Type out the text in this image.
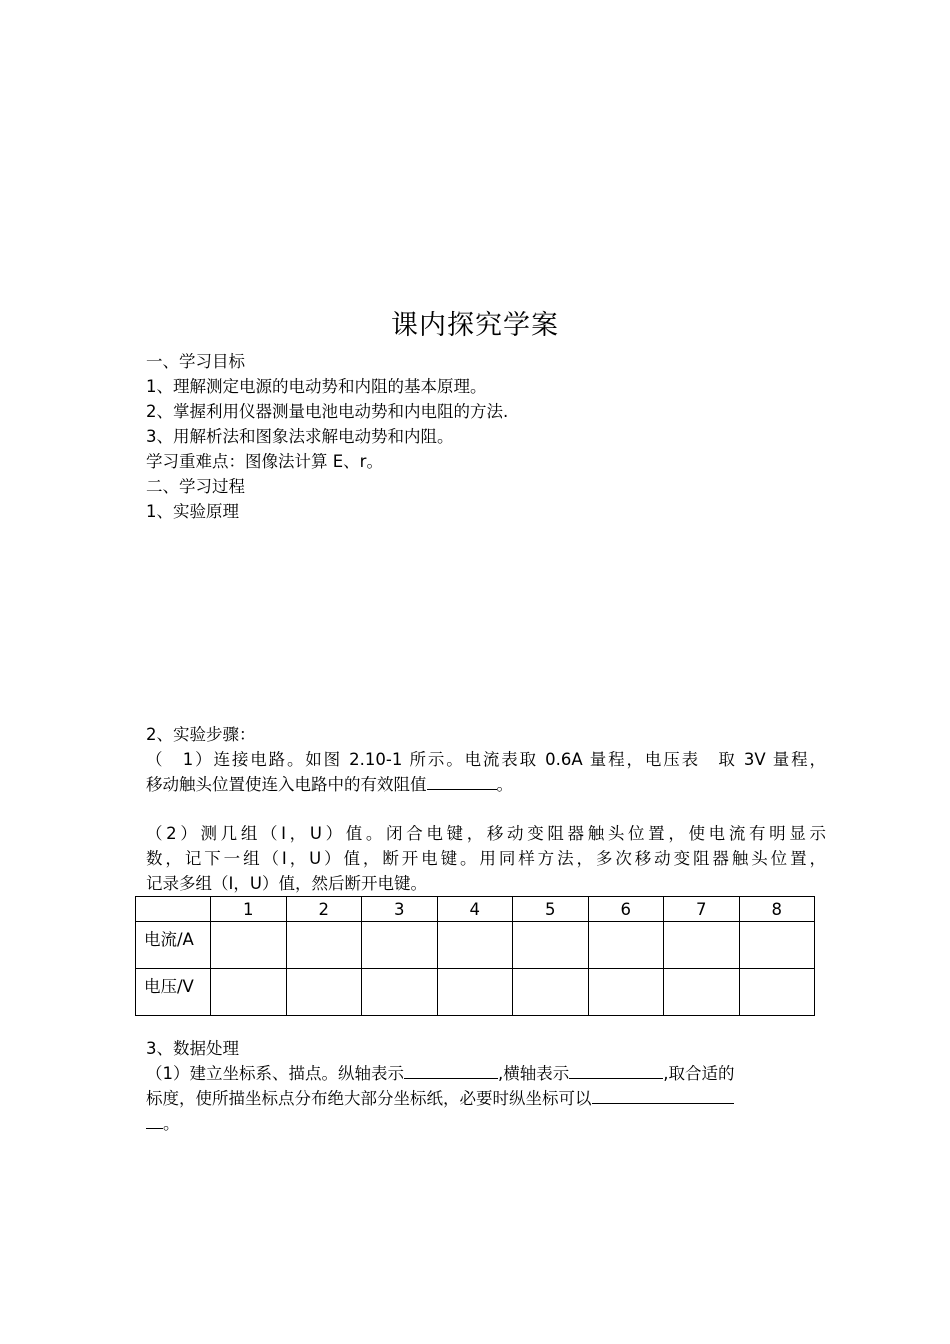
课内探究学案
一、学习目标
1、理解测定电源的电动势和内阻的基本原理。
2、掌握利用仪器测量电池电动势和内电阻的方法.
3、用解析法和图象法求解电动势和内阻。
学习重难点：图像法计算 E、r。
二、学习过程
1、实验原理
2、实验步骤：
（　1）连接电路。如图 2.10-1 所示。电流表取 0.6A 量程，电压表　取 3V 量程，
移动触头位置使连入电路中的有效阻值	。
（2）测几组（I，U）值。闭合电键，移动变阻器触头位置，使电流有明显示
数，记下一组（I，U）值，断开电键。用同样方法，多次移动变阻器触头位置，
记录多组（I，U）值，然后断开电键。
	1	2	3	4	5	6	7	8
电流/A								
电压/V								
3、数据处理
（1）建立坐标系、描点。纵轴表示	,横轴表示	,取合适的
标度，使所描坐标点分布绝大部分坐标纸，必要时纵坐标可以
。
